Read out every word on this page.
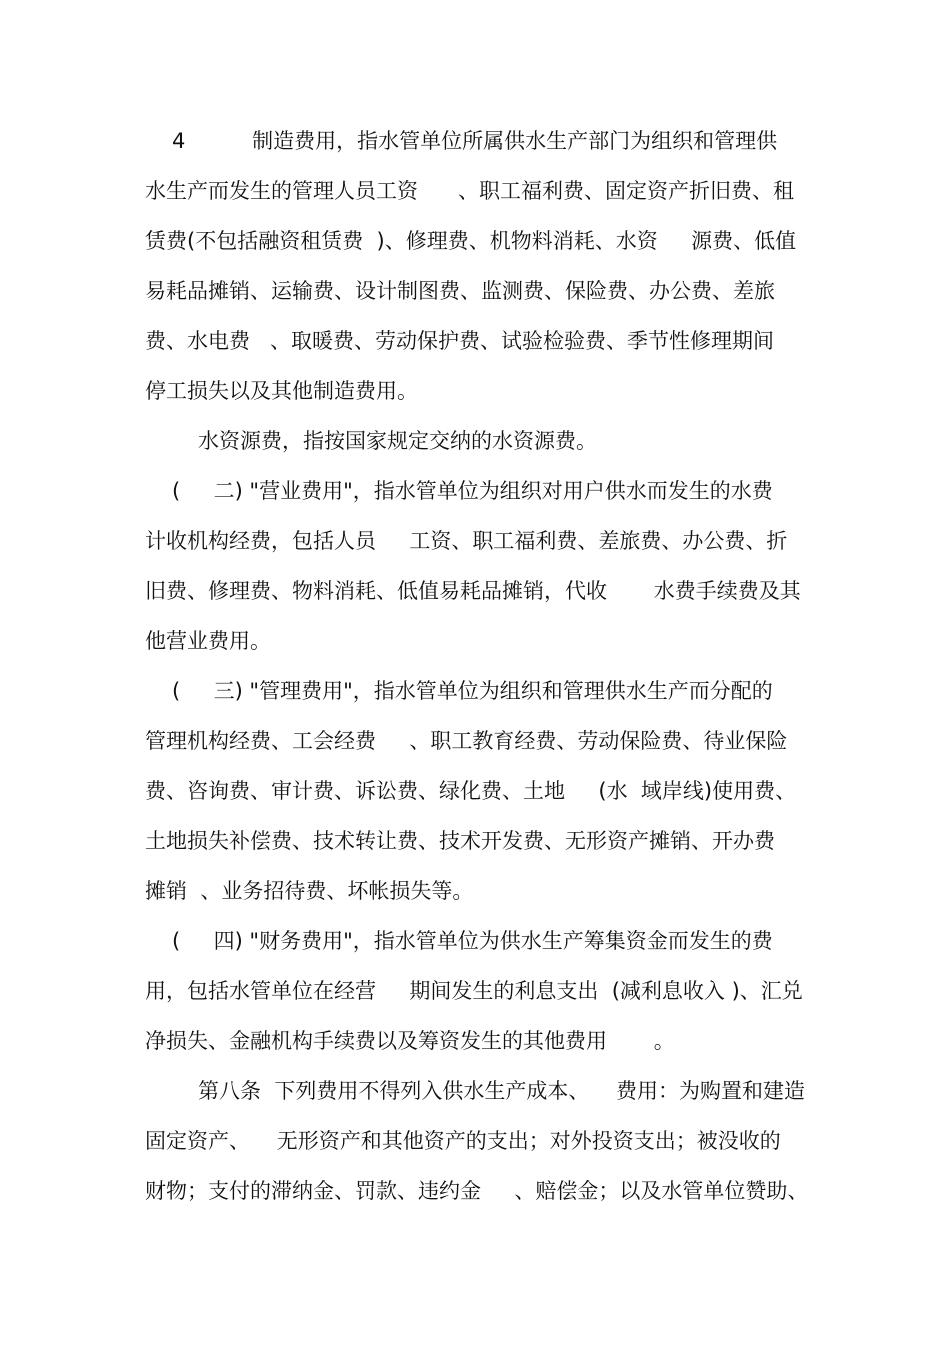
4          制造费用，指水管单位所属供水生产部门为组织和管理供
水生产而发生的管理人员工资      、职工福利费、固定资产折旧费、租
赁费(不包括融资租赁费  )、修理费、机物料消耗、水资     源费、低值
易耗品摊销、运输费、设计制图费、监测费、保险费、办公费、差旅
费、水电费   、取暖费、劳动保护费、试验检验费、季节性修理期间
停工损失以及其他制造费用。
水资源费，指按国家规定交纳的水资源费。
(     二) "营业费用"，指水管单位为组织对用户供水而发生的水费
计收机构经费，包括人员     工资、职工福利费、差旅费、办公费、折
旧费、修理费、物料消耗、低值易耗品摊销，代收       水费手续费及其
他营业费用。
(     三) "管理费用"，指水管单位为组织和管理供水生产而分配的
管理机构经费、工会经费     、职工教育经费、劳动保险费、待业保险
费、咨询费、审计费、诉讼费、绿化费、土地     (水  域岸线)使用费、
土地损失补偿费、技术转让费、技术开发费、无形资产摊销、开办费
摊销  、业务招待费、坏帐损失等。
(     四) "财务费用"，指水管单位为供水生产筹集资金而发生的费
用，包括水管单位在经营     期间发生的利息支出  (减利息收入 )、汇兑
净损失、金融机构手续费以及筹资发生的其他费用       。
第八条  下列费用不得列入供水生产成本、    费用：为购置和建造
固定资产、    无形资产和其他资产的支出；对外投资支出；被没收的
财物；支付的滞纳金、罚款、违约金     、赔偿金；以及水管单位赞助、
